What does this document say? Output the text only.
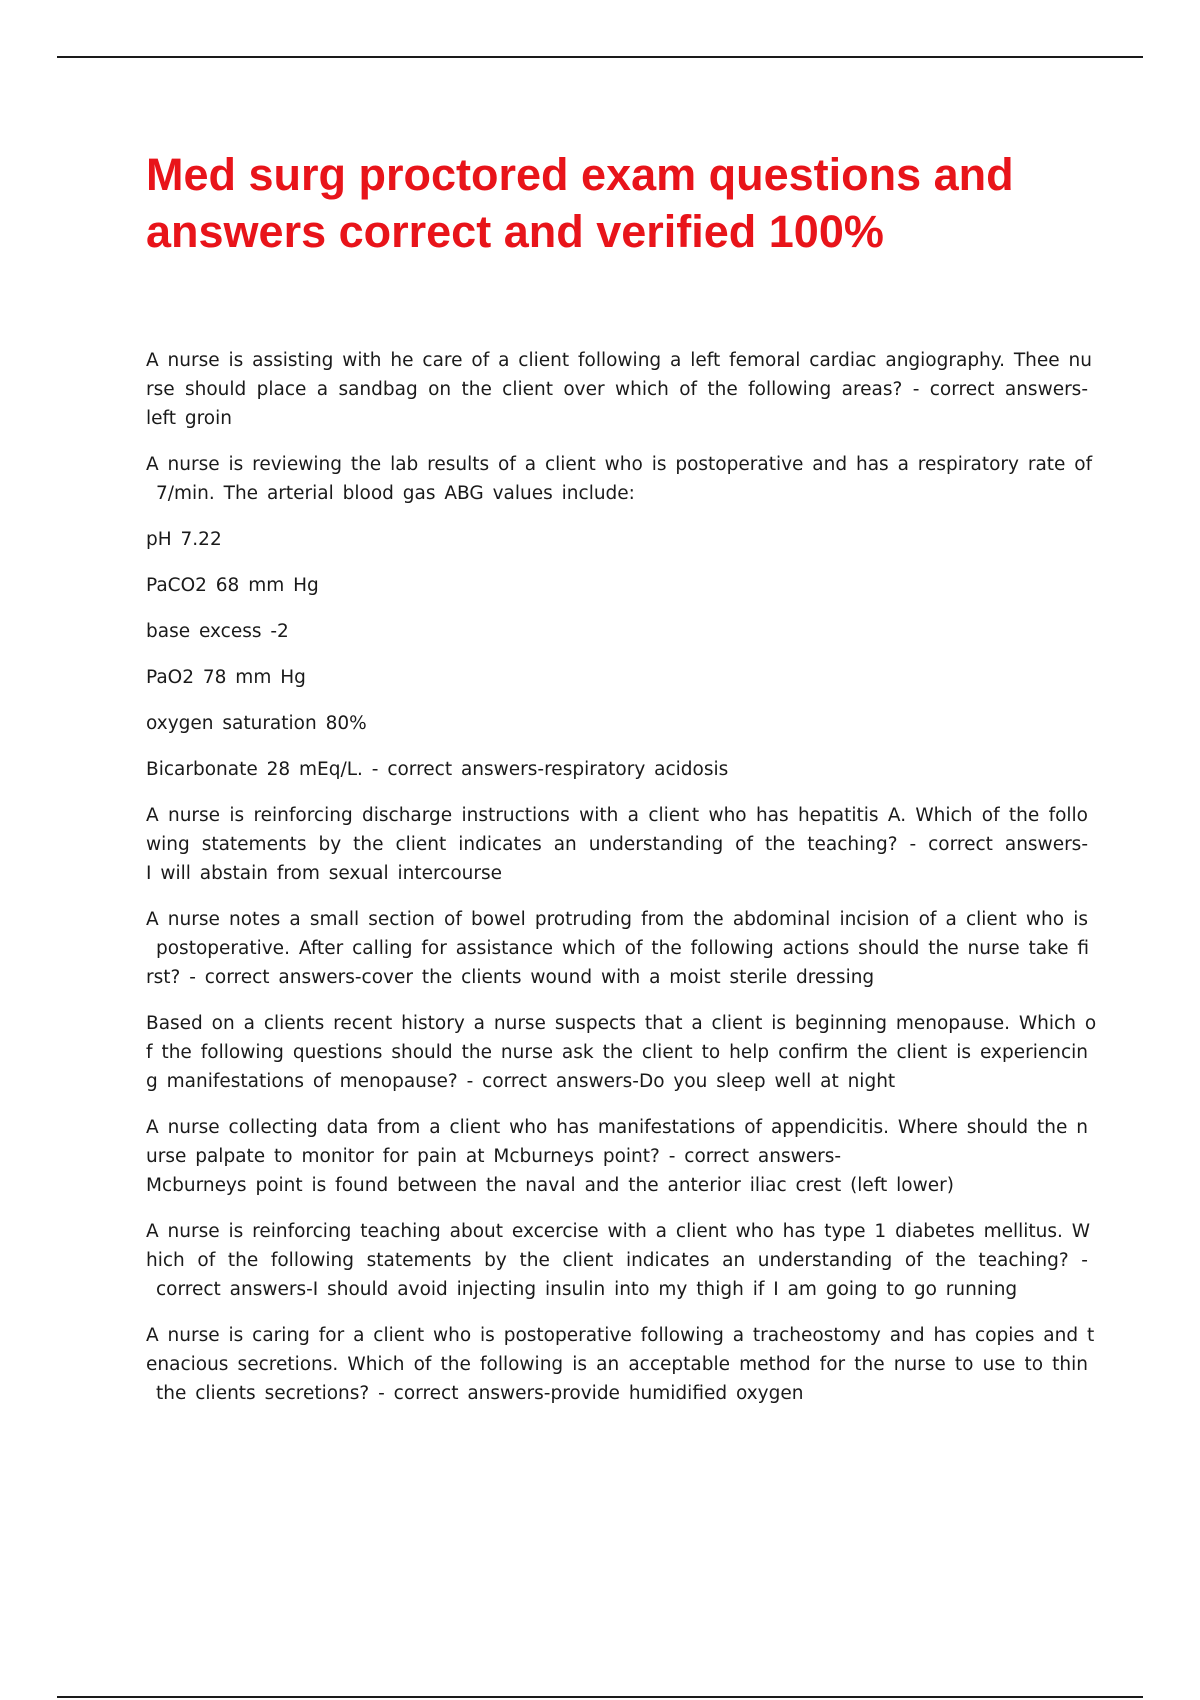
Med surg proctored exam questions and
answers correct and verified 100%

A nurse is assisting with he care of a client following a left femoral cardiac angiography. Thee nu
rse should place a sandbag on the client over which of the following areas? - correct answers-
left groin

A nurse is reviewing the lab results of a client who is postoperative and has a respiratory rate of
7/min. The arterial blood gas ABG values include:

pH 7.22

PaCO2 68 mm Hg

base excess -2

PaO2 78 mm Hg

oxygen saturation 80%

Bicarbonate 28 mEq/L. - correct answers-respiratory acidosis

A nurse is reinforcing discharge instructions with a client who has hepatitis A. Which of the follo
wing statements by the client indicates an understanding of the teaching? - correct answers-
I will abstain from sexual intercourse

A nurse notes a small section of bowel protruding from the abdominal incision of a client who is
postoperative. After calling for assistance which of the following actions should the nurse take fi
rst? - correct answers-cover the clients wound with a moist sterile dressing

Based on a clients recent history a nurse suspects that a client is beginning menopause. Which o
f the following questions should the nurse ask the client to help confirm the client is experiencin
g manifestations of menopause? - correct answers-Do you sleep well at night

A nurse collecting data from a client who has manifestations of appendicitis. Where should the n
urse palpate to monitor for pain at Mcburneys point? - correct answers-
Mcburneys point is found between the naval and the anterior iliac crest (left lower)

A nurse is reinforcing teaching about excercise with a client who has type 1 diabetes mellitus. W
hich of the following statements by the client indicates an understanding of the teaching? -
correct answers-I should avoid injecting insulin into my thigh if I am going to go running

A nurse is caring for a client who is postoperative following a tracheostomy and has copies and t
enacious secretions. Which of the following is an acceptable method for the nurse to use to thin
the clients secretions? - correct answers-provide humidified oxygen
